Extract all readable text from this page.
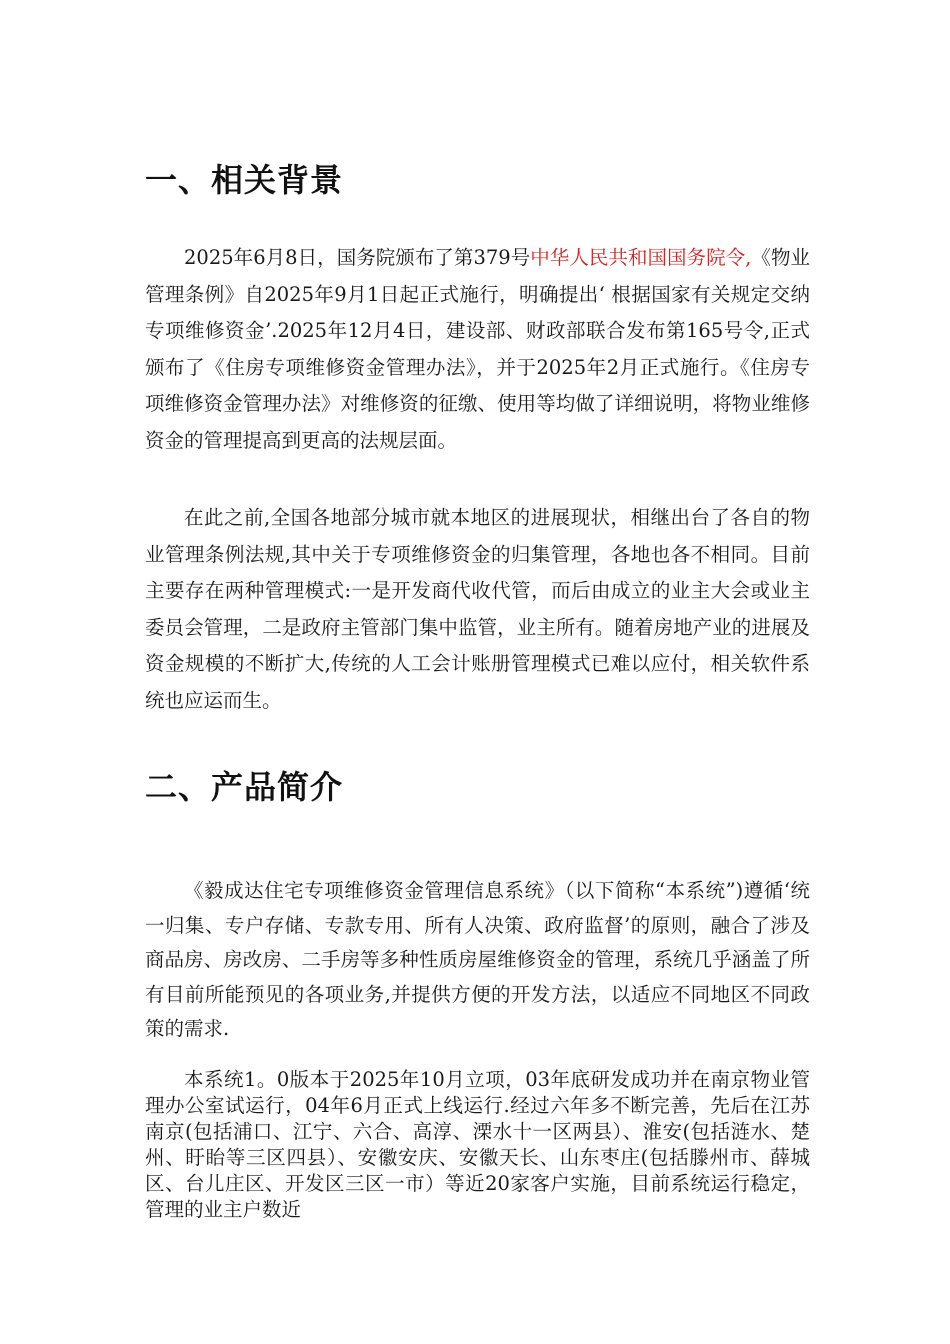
一、相关背景

2025年6月8日，国务院颁布了第379号中华人民共和国国务院令,《物业管理条例》自2025年9月1日起正式施行，明确提出‘ 根据国家有关规定交纳专项维修资金’.2025年12月4日，建设部、财政部联合发布第165号令,正式颁布了《住房专项维修资金管理办法》，并于2025年2月正式施行。《住房专项维修资金管理办法》对维修资的征缴、使用等均做了详细说明，将物业维修资金的管理提高到更高的法规层面。

在此之前,全国各地部分城市就本地区的进展现状，相继出台了各自的物业管理条例法规,其中关于专项维修资金的归集管理，各地也各不相同。目前主要存在两种管理模式:一是开发商代收代管，而后由成立的业主大会或业主委员会管理，二是政府主管部门集中监管，业主所有。随着房地产业的进展及资金规模的不断扩大,传统的人工会计账册管理模式已难以应付，相关软件系统也应运而生。

二、产品简介

《毅成达住宅专项维修资金管理信息系统》（以下简称“本系统”)遵循‘统一归集、专户存储、专款专用、所有人决策、政府监督’的原则，融合了涉及商品房、房改房、二手房等多种性质房屋维修资金的管理，系统几乎涵盖了所有目前所能预见的各项业务,并提供方便的开发方法，以适应不同地区不同政策的需求.

本系统1。0版本于2025年10月立项，03年底研发成功并在南京物业管理办公室试运行，04年6月正式上线运行.经过六年多不断完善，先后在江苏南京(包括浦口、江宁、六合、高淳、溧水十一区两县）、淮安(包括涟水、楚州、盱眙等三区四县）、安徽安庆、安徽天长、山东枣庄(包括滕州市、薛城区、台儿庄区、开发区三区一市）等近20家客户实施，目前系统运行稳定，管理的业主户数近
